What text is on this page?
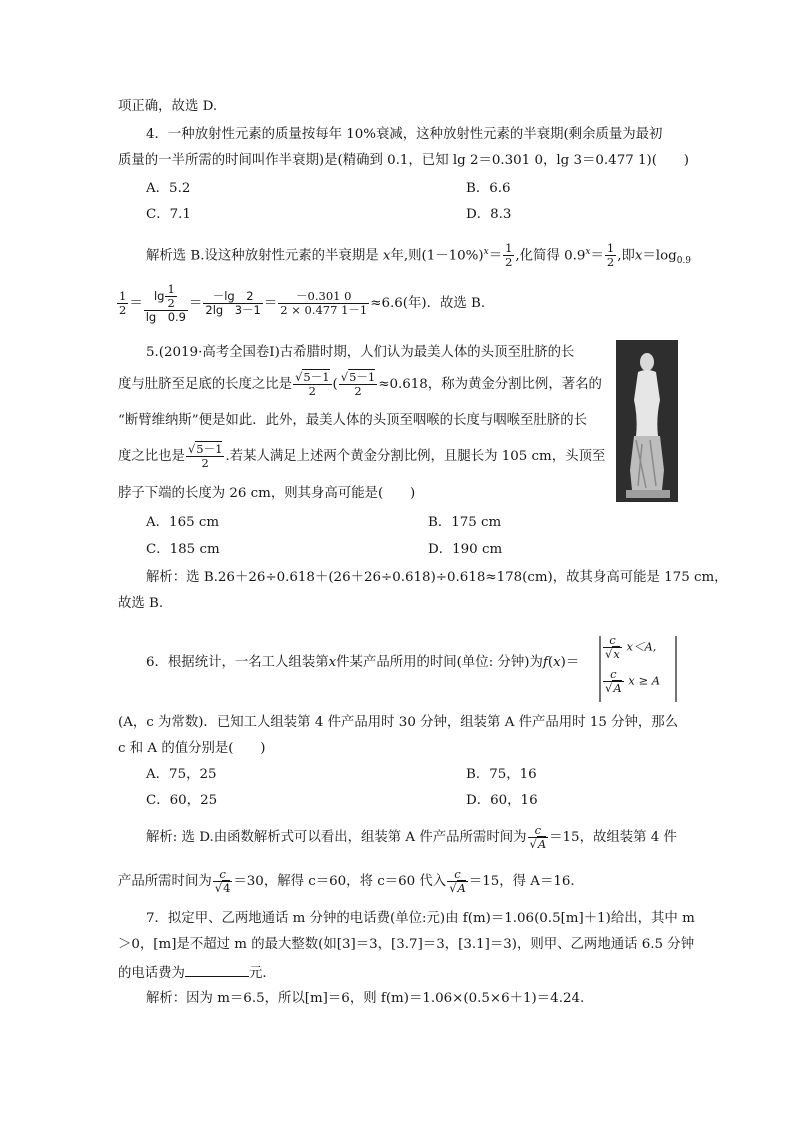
项正确，故选 D.
4．一种放射性元素的质量按每年 10%衰减，这种放射性元素的半衰期(剩余质量为最初
质量的一半所需的时间叫作半衰期)是(精确到 0.1，已知 lg 2＝0.301 0，lg 3＝0.477 1)(　　)
A．5.2	B．6.6
C．7.1	D．8.3
解析选 B.设这种放射性元素的半衰期是 x年,则$(1-10\%)^x= \frac{1}{2}$ ,化简得 $0.9^x= \frac{1}{2}$ ,即$x=\log_{0.9}$
$\frac{1}{2} = \frac{\lg \frac{1}{2}}{\lg 0.9} = \frac{-\lg 2}{2\lg 3-1} = \frac{-0.301 0}{2 \times 0.477 1-1} \approx 6.6$(年)．故选 B.
5.(2019·高考全国卷Ⅰ)古希腊时期，人们认为最美人体的头顶至肚脐的长
度与肚脐至足底的长度之比是 $\frac{√5-1}{2}$ ( $\frac{√5-1}{2} \approx 0.618$，称为黄金分割比例，著名的
“断臂维纳斯”便是如此．此外，最美人体的头顶至咽喉的长度与咽喉至肚脐的长
度之比也是 $\frac{√5-1}{2}$ .若某人满足上述两个黄金分割比例，且腿长为 105 cm，头顶至
脖子下端的长度为 26 cm，则其身高可能是(　　)
A．165 cm	B．175 cm
C．185 cm	D．190 cm
解析：选 B.26＋26÷0.618＋(26＋26÷0.618)÷0.618≈178(cm)，故其身高可能是 175 cm，
故选 B.
6．根据统计，一名工人组装第x件某产品所用的时间(单位: 分钟)为f(x)＝
$\frac{c}{√x} x<A$,
$\frac{c}{√A}$ x ≥ A
(A，c 为常数)．已知工人组装第 4 件产品用时 30 分钟，组装第 A 件产品用时 15 分钟，那么
c 和 A 的值分别是(　　)
A．75，25	B．75，16
C．60，25	D．60，16
解析: 选 D.由函数解析式可以看出，组装第 A 件产品所需时间为 $\frac{c}{√A} =15$，故组装第 4 件
产品所需时间为 $\frac{c}{√4} =30$，解得 c＝60，将 c＝60 代入 $\frac{c}{√A} =15$，得 A＝16.
7．拟定甲、乙两地通话 m 分钟的电话费(单位:元)由 f(m)＝1.06(0.5[m]＋1)给出，其中 m
＞0，[m]是不超过 m 的最大整数(如[3]＝3，[3.7]＝3，[3.1]＝3)，则甲、乙两地通话 6.5 分钟
的电话费为	元．
解析：因为 m＝6.5，所以[m]＝6，则 f(m)＝1.06×(0.5×6＋1)＝4.24.
